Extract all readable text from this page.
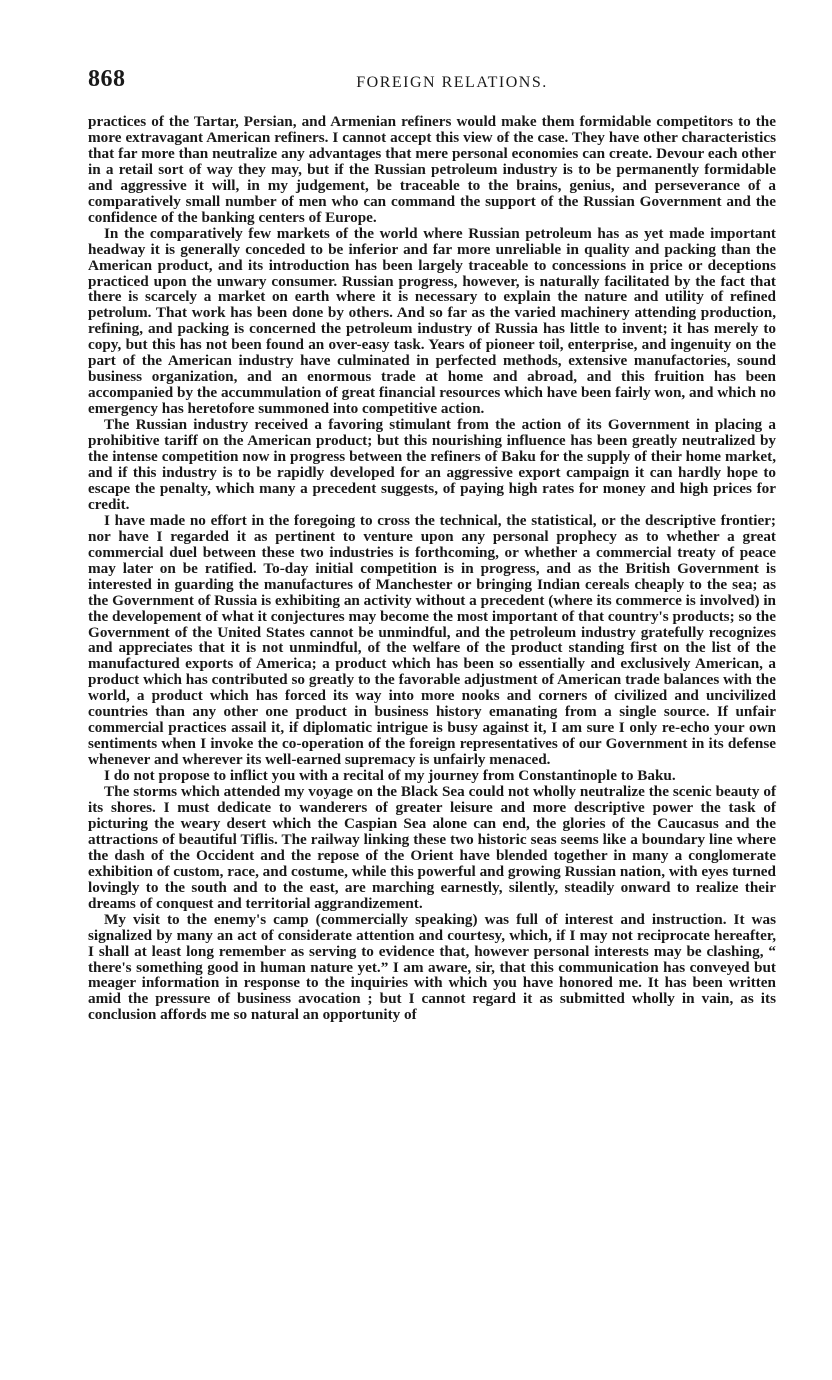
868	FOREIGN RELATIONS.

practices of the Tartar, Persian, and Armenian refiners would make them formidable competitors to the more extravagant American refiners. I cannot accept this view of the case. They have other characteristics that far more than neutralize any advantages that mere personal economies can create. Devour each other in a retail sort of way they may, but if the Russian petroleum industry is to be permanently formidable and aggressive it will, in my judgement, be traceable to the brains, genius, and perseverance of a comparatively small number of men who can command the support of the Russian Government and the confidence of the banking centers of Europe.

In the comparatively few markets of the world where Russian petroleum has as yet made important headway it is generally conceded to be inferior and far more unreliable in quality and packing than the American product, and its introduction has been largely traceable to concessions in price or deceptions practiced upon the unwary consumer. Russian progress, however, is naturally facilitated by the fact that there is scarcely a market on earth where it is necessary to explain the nature and utility of refined petrolum. That work has been done by others. And so far as the varied machinery attending production, refining, and packing is concerned the petroleum industry of Russia has little to invent; it has merely to copy, but this has not been found an over-easy task. Years of pioneer toil, enterprise, and ingenuity on the part of the American industry have culminated in perfected methods, extensive manufactories, sound business organization, and an enormous trade at home and abroad, and this fruition has been accompanied by the accummulation of great financial resources which have been fairly won, and which no emergency has heretofore summoned into competitive action.

The Russian industry received a favoring stimulant from the action of its Government in placing a prohibitive tariff on the American product; but this nourishing influence has been greatly neutralized by the intense competition now in progress between the refiners of Baku for the supply of their home market, and if this industry is to be rapidly developed for an aggressive export campaign it can hardly hope to escape the penalty, which many a precedent suggests, of paying high rates for money and high prices for credit.

I have made no effort in the foregoing to cross the technical, the statistical, or the descriptive frontier; nor have I regarded it as pertinent to venture upon any personal prophecy as to whether a great commercial duel between these two industries is forthcoming, or whether a commercial treaty of peace may later on be ratified. To-day initial competition is in progress, and as the British Government is interested in guarding the manufactures of Manchester or bringing Indian cereals cheaply to the sea; as the Government of Russia is exhibiting an activity without a precedent (where its commerce is involved) in the developement of what it conjectures may become the most important of that country's products; so the Government of the United States cannot be unmindful, and the petroleum industry gratefully recognizes and appreciates that it is not unmindful, of the welfare of the product standing first on the list of the manufactured exports of America; a product which has been so essentially and exclusively American, a product which has contributed so greatly to the favorable adjustment of American trade balances with the world, a product which has forced its way into more nooks and corners of civilized and uncivilized countries than any other one product in business history emanating from a single source. If unfair commercial practices assail it, if diplomatic intrigue is busy against it, I am sure I only re-echo your own sentiments when I invoke the co-operation of the foreign representatives of our Government in its defense whenever and wherever its well-earned supremacy is unfairly menaced.

I do not propose to inflict you with a recital of my journey from Constantinople to Baku.

The storms which attended my voyage on the Black Sea could not wholly neutralize the scenic beauty of its shores. I must dedicate to wanderers of greater leisure and more descriptive power the task of picturing the weary desert which the Caspian Sea alone can end, the glories of the Caucasus and the attractions of beautiful Tiflis. The railway linking these two historic seas seems like a boundary line where the dash of the Occident and the repose of the Orient have blended together in many a conglomerate exhibition of custom, race, and costume, while this powerful and growing Russian nation, with eyes turned lovingly to the south and to the east, are marching earnestly, silently, steadily onward to realize their dreams of conquest and territorial aggrandizement.

My visit to the enemy's camp (commercially speaking) was full of interest and instruction. It was signalized by many an act of considerate attention and courtesy, which, if I may not reciprocate hereafter, I shall at least long remember as serving to evidence that, however personal interests may be clashing, “ there's something good in human nature yet.” I am aware, sir, that this communication has conveyed but meager information in response to the inquiries with which you have honored me. It has been written amid the pressure of business avocation ; but I cannot regard it as submitted wholly in vain, as its conclusion affords me so natural an opportunity of
